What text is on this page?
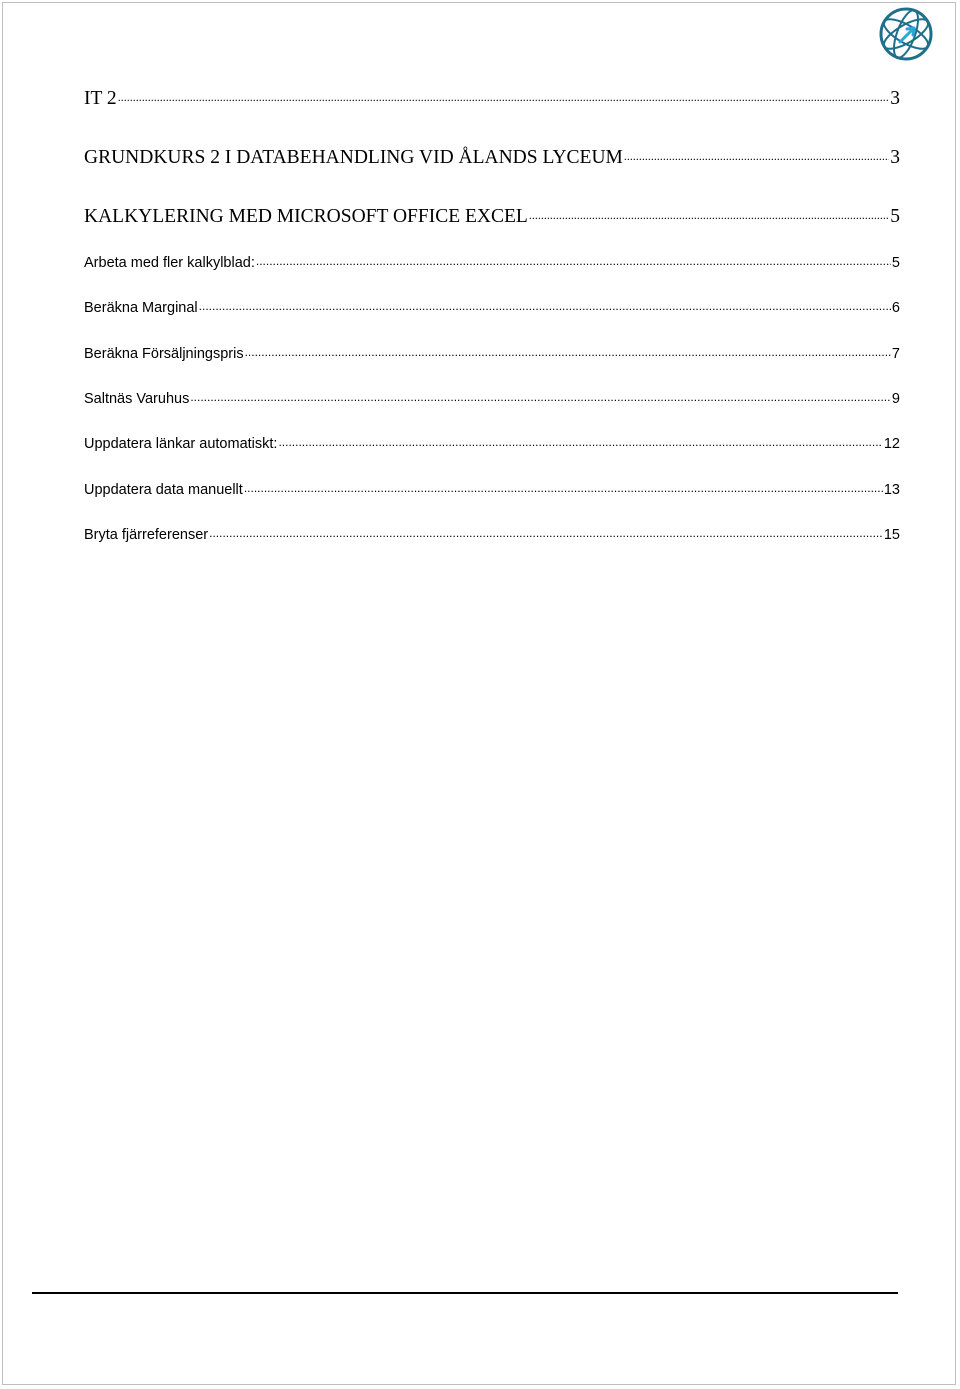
IT 2 .....	3
GRUNDKURS 2 I DATABEHANDLING VID ÅLANDS LYCEUM .....	3
KALKYLERING MED MICROSOFT OFFICE EXCEL .....	5
Arbeta med fler kalkylblad: .....	5
Beräkna Marginal .....	6
Beräkna Försäljningspris .....	7
Saltnäs Varuhus .....	9
Uppdatera länkar automatiskt: .....	12
Uppdatera data manuellt .....	13
Bryta fjärreferenser .....	15
